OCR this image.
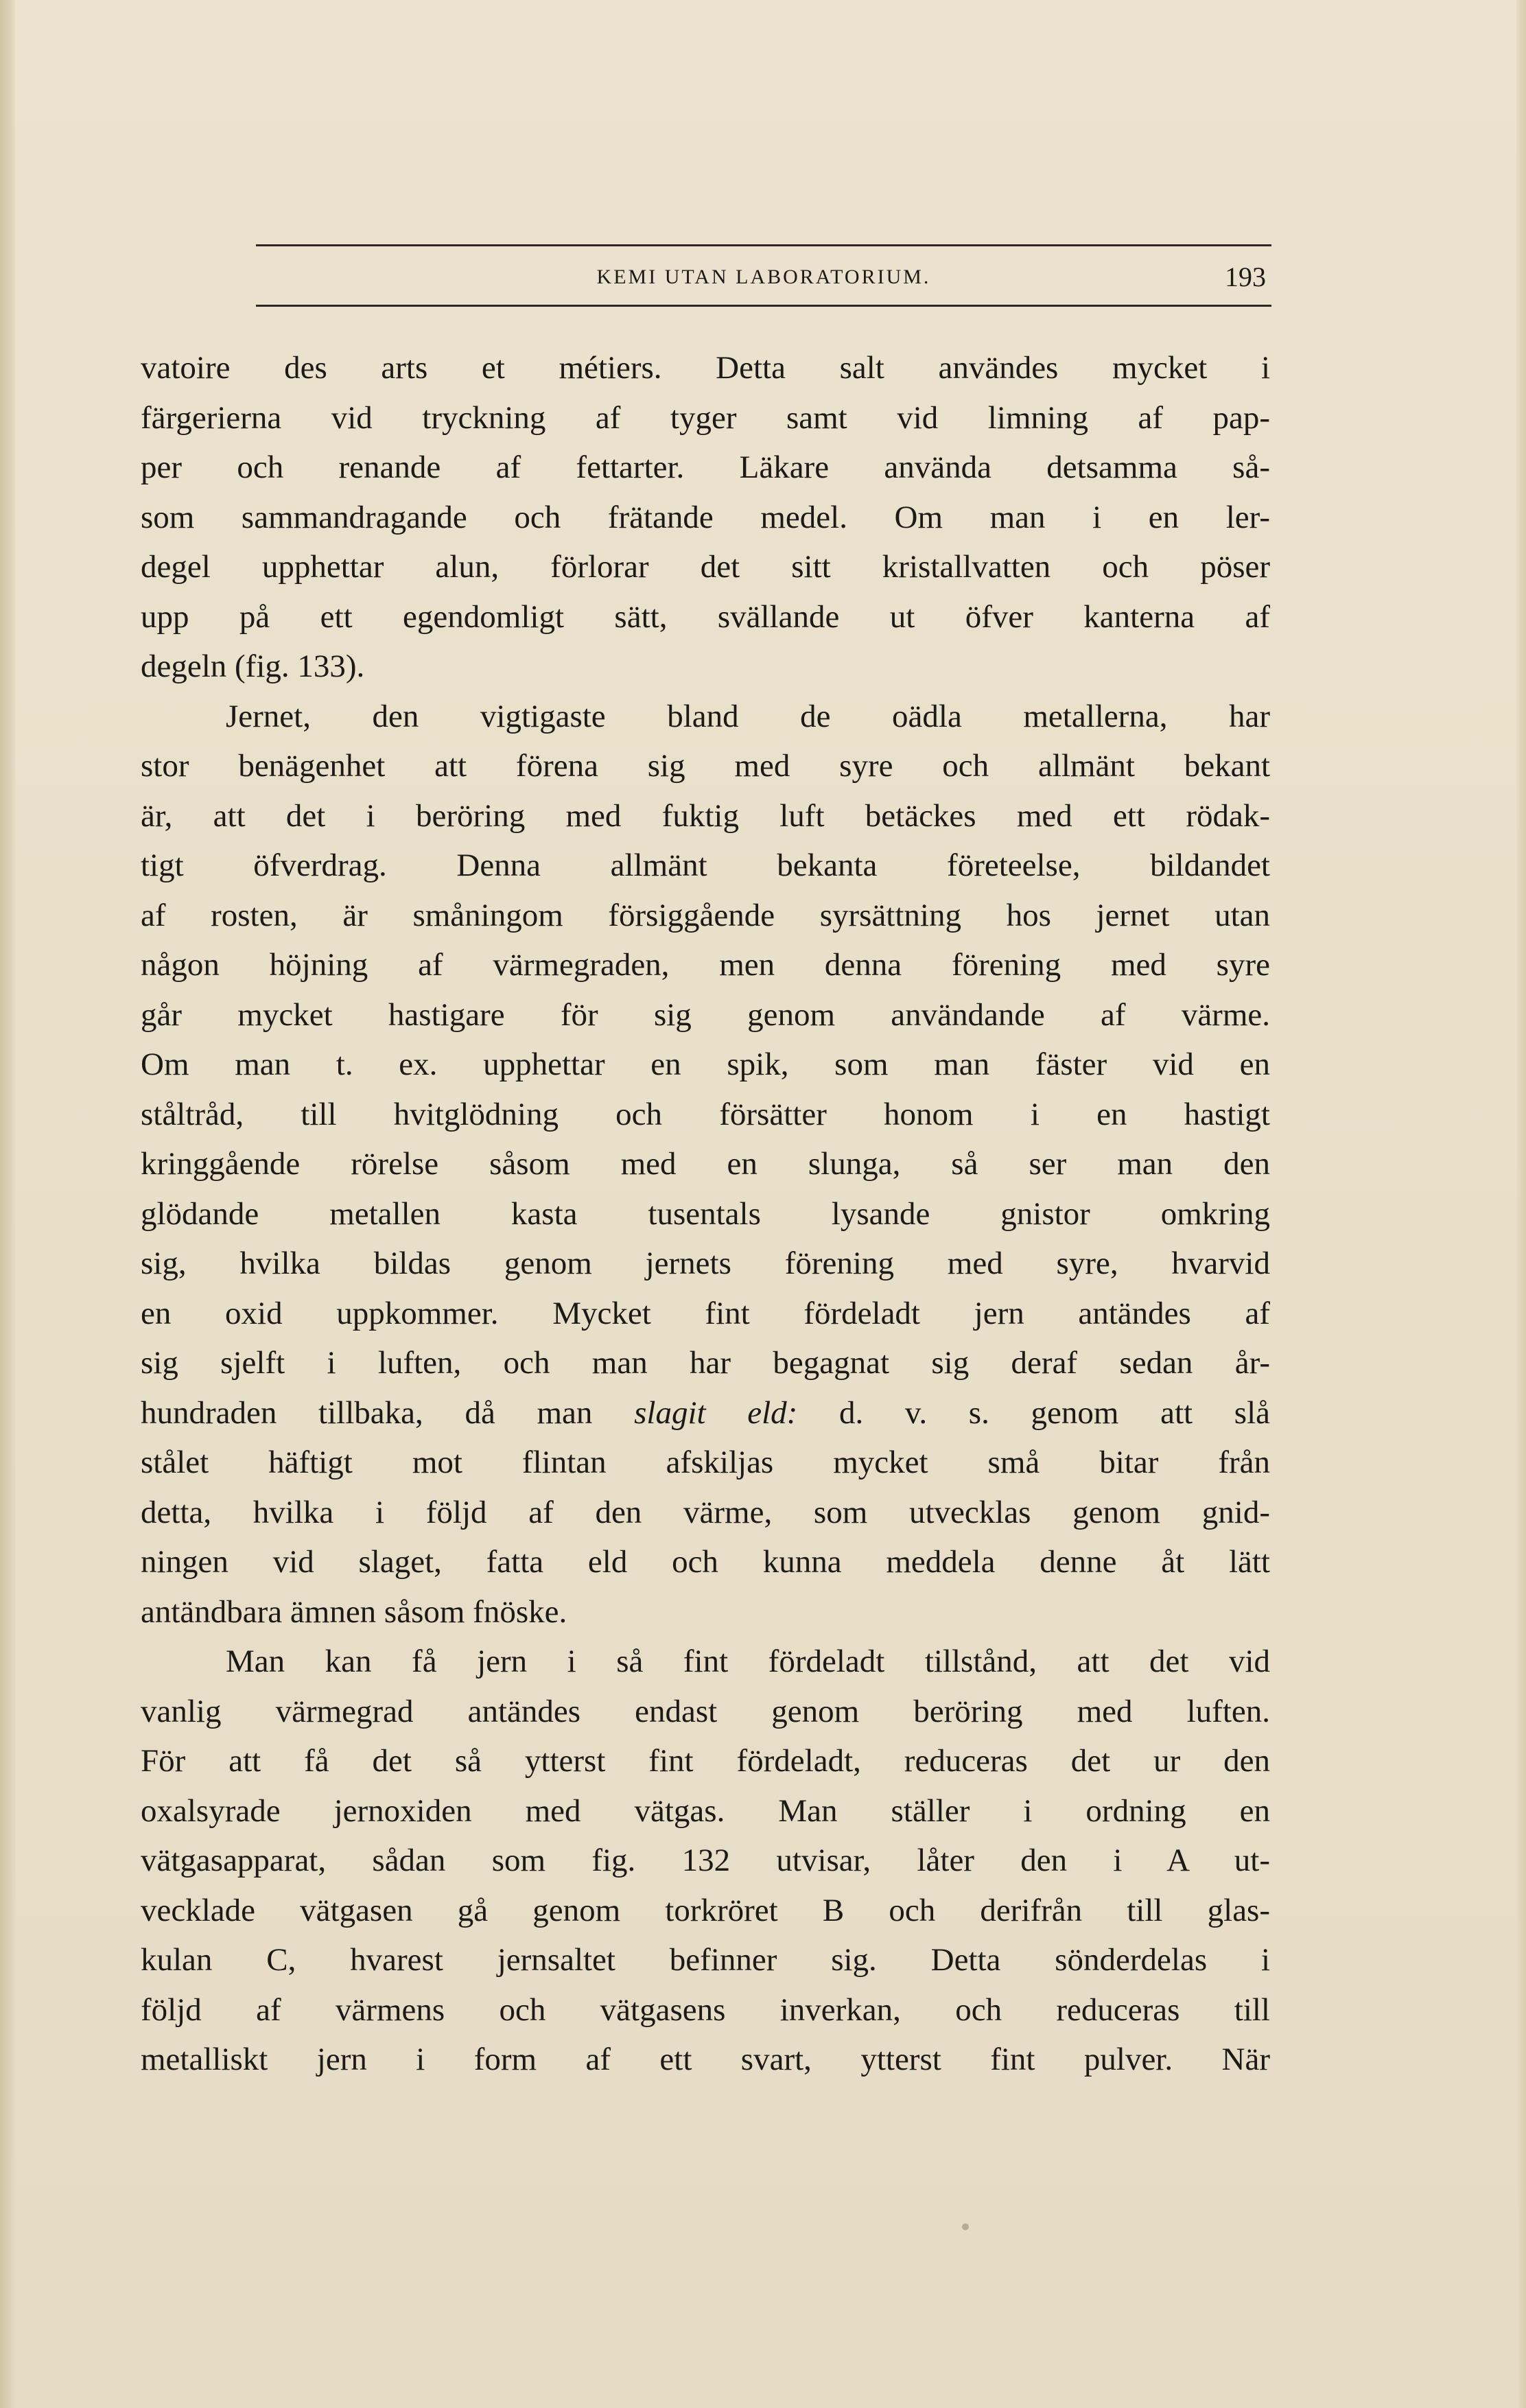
KEMI UTAN LABORATORIUM.	193
vatoire des arts et métiers. Detta salt användes mycket i
färgerierna vid tryckning af tyger samt vid limning af pap-
per och renande af fettarter. Läkare använda detsamma så-
som sammandragande och frätande medel. Om man i en ler-
degel upphettar alun, förlorar det sitt kristallvatten och pöser
upp på ett egendomligt sätt, svällande ut öfver kanterna af
degeln (fig. 133).
Jernet, den vigtigaste bland de oädla metallerna, har
stor benägenhet att förena sig med syre och allmänt bekant
är, att det i beröring med fuktig luft betäckes med ett rödak-
tigt öfverdrag. Denna allmänt bekanta företeelse, bildandet
af rosten, är småningom försiggående syrsättning hos jernet utan
någon höjning af värmegraden, men denna förening med syre
går mycket hastigare för sig genom användande af värme.
Om man t. ex. upphettar en spik, som man fäster vid en
ståltråd, till hvitglödning och försätter honom i en hastigt
kringgående rörelse såsom med en slunga, så ser man den
glödande metallen kasta tusentals lysande gnistor omkring
sig, hvilka bildas genom jernets förening med syre, hvarvid
en oxid uppkommer. Mycket fint fördeladt jern antändes af
sig sjelft i luften, och man har begagnat sig deraf sedan år-
hundraden tillbaka, då man slagit eld: d. v. s. genom att slå
stålet häftigt mot flintan afskiljas mycket små bitar från
detta, hvilka i följd af den värme, som utvecklas genom gnid-
ningen vid slaget, fatta eld och kunna meddela denne åt lätt
antändbara ämnen såsom fnöske.
Man kan få jern i så fint fördeladt tillstånd, att det vid
vanlig värmegrad antändes endast genom beröring med luften.
För att få det så ytterst fint fördeladt, reduceras det ur den
oxalsyrade jernoxiden med vätgas. Man ställer i ordning en
vätgasapparat, sådan som fig. 132 utvisar, låter den i A ut-
vecklade vätgasen gå genom torkröret B och derifrån till glas-
kulan C, hvarest jernsaltet befinner sig. Detta sönderdelas i
följd af värmens och vätgasens inverkan, och reduceras till
metalliskt jern i form af ett svart, ytterst fint pulver. När
